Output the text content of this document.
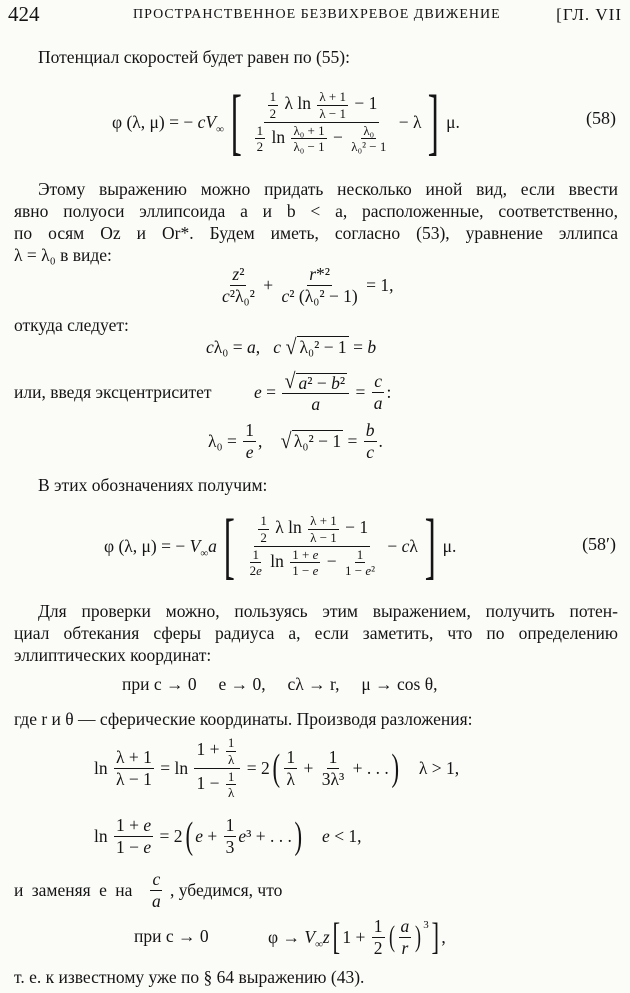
424	ПРОСТРАНСТВЕННОЕ БЕЗВИХРЕВОЕ ДВИЖЕНИЕ	[ГЛ. VII

Потенциал скоростей будет равен по (55):

φ (λ, μ) = − $cV_\infty$ [ $\frac{1}{2}$ λ $\ln \frac{\lambda + 1}{\lambda - 1} - 1$
$\frac{1}{2}$ $\ln \frac{\text{λ₀ + 1}}{\text{λ₀ − 1}} - \frac{\text{λ₀}}{\text{λ₀² − 1}}$
− λ ] μ.	(58)

Этому выражению можно придать несколько иной вид, если ввести

явно полуоси эллипсоида a и b < a, расположенные, соответственно,

по осям Oz и Or*. Будем иметь, согласно (53), уравнение эллипса

λ = λ₀ в виде:

$\frac{\text{z²}}{\text{c²λ₀²}} + \frac{\text{r*²}}{\text{c² (λ₀² − 1)}} = 1$,

откуда следует:

cλ₀ = a,   c √ λ₀² − 1 = b
или, введя эксцентриситет $e = \frac{\text{√ a² − b²}}{a} = \frac{c}{a}$ :
$\lambda_0 = \frac{1}{e}$ , √ $\lambda_0^2 - 1 = \frac{b}{c}$ .

В этих обозначениях получим:

φ (λ, μ) = − $V_\infty a$ [ $\frac{1}{2}$ λ $\ln \frac{\lambda + 1}{\lambda - 1} - 1$
$\frac{1}{2e}$ $\ln \frac{1 + e}{1 - e} - \frac{1}{\text{1 − e²}}$
− cλ ] μ.	(58′)

Для проверки можно, пользуясь этим выражением, получить потен-

циал обтекания сферы радиуса a, если заметить, что по определению

эллиптических координат:

при c → 0     e → 0,     cλ → r,     μ → cos θ,

где r и θ — сферические координаты. Производя разложения:

$\ln \frac{\lambda + 1}{\lambda - 1} = \ln \frac{1 + \frac{1}{\lambda}}{1 - \frac{1}{\lambda}} = 2$ ( $\frac{1}{\lambda} + \frac{1}{\text{3λ³}}$ + . . . ) λ > 1,
$\ln \frac{1 + e}{1 - e} = 2$ ( $e + \frac{1}{3} e^3$ + . . . )	e < 1,
и заменяя e на $\frac{c}{a}$ , убедимся, что
при c → 0	$\varphi \to V_\infty z$ [ $1 + \frac{1}{2}$ ( $\frac{a}{r} )^3$ ] ,

т. е. к известному уже по § 64 выражению (43).
